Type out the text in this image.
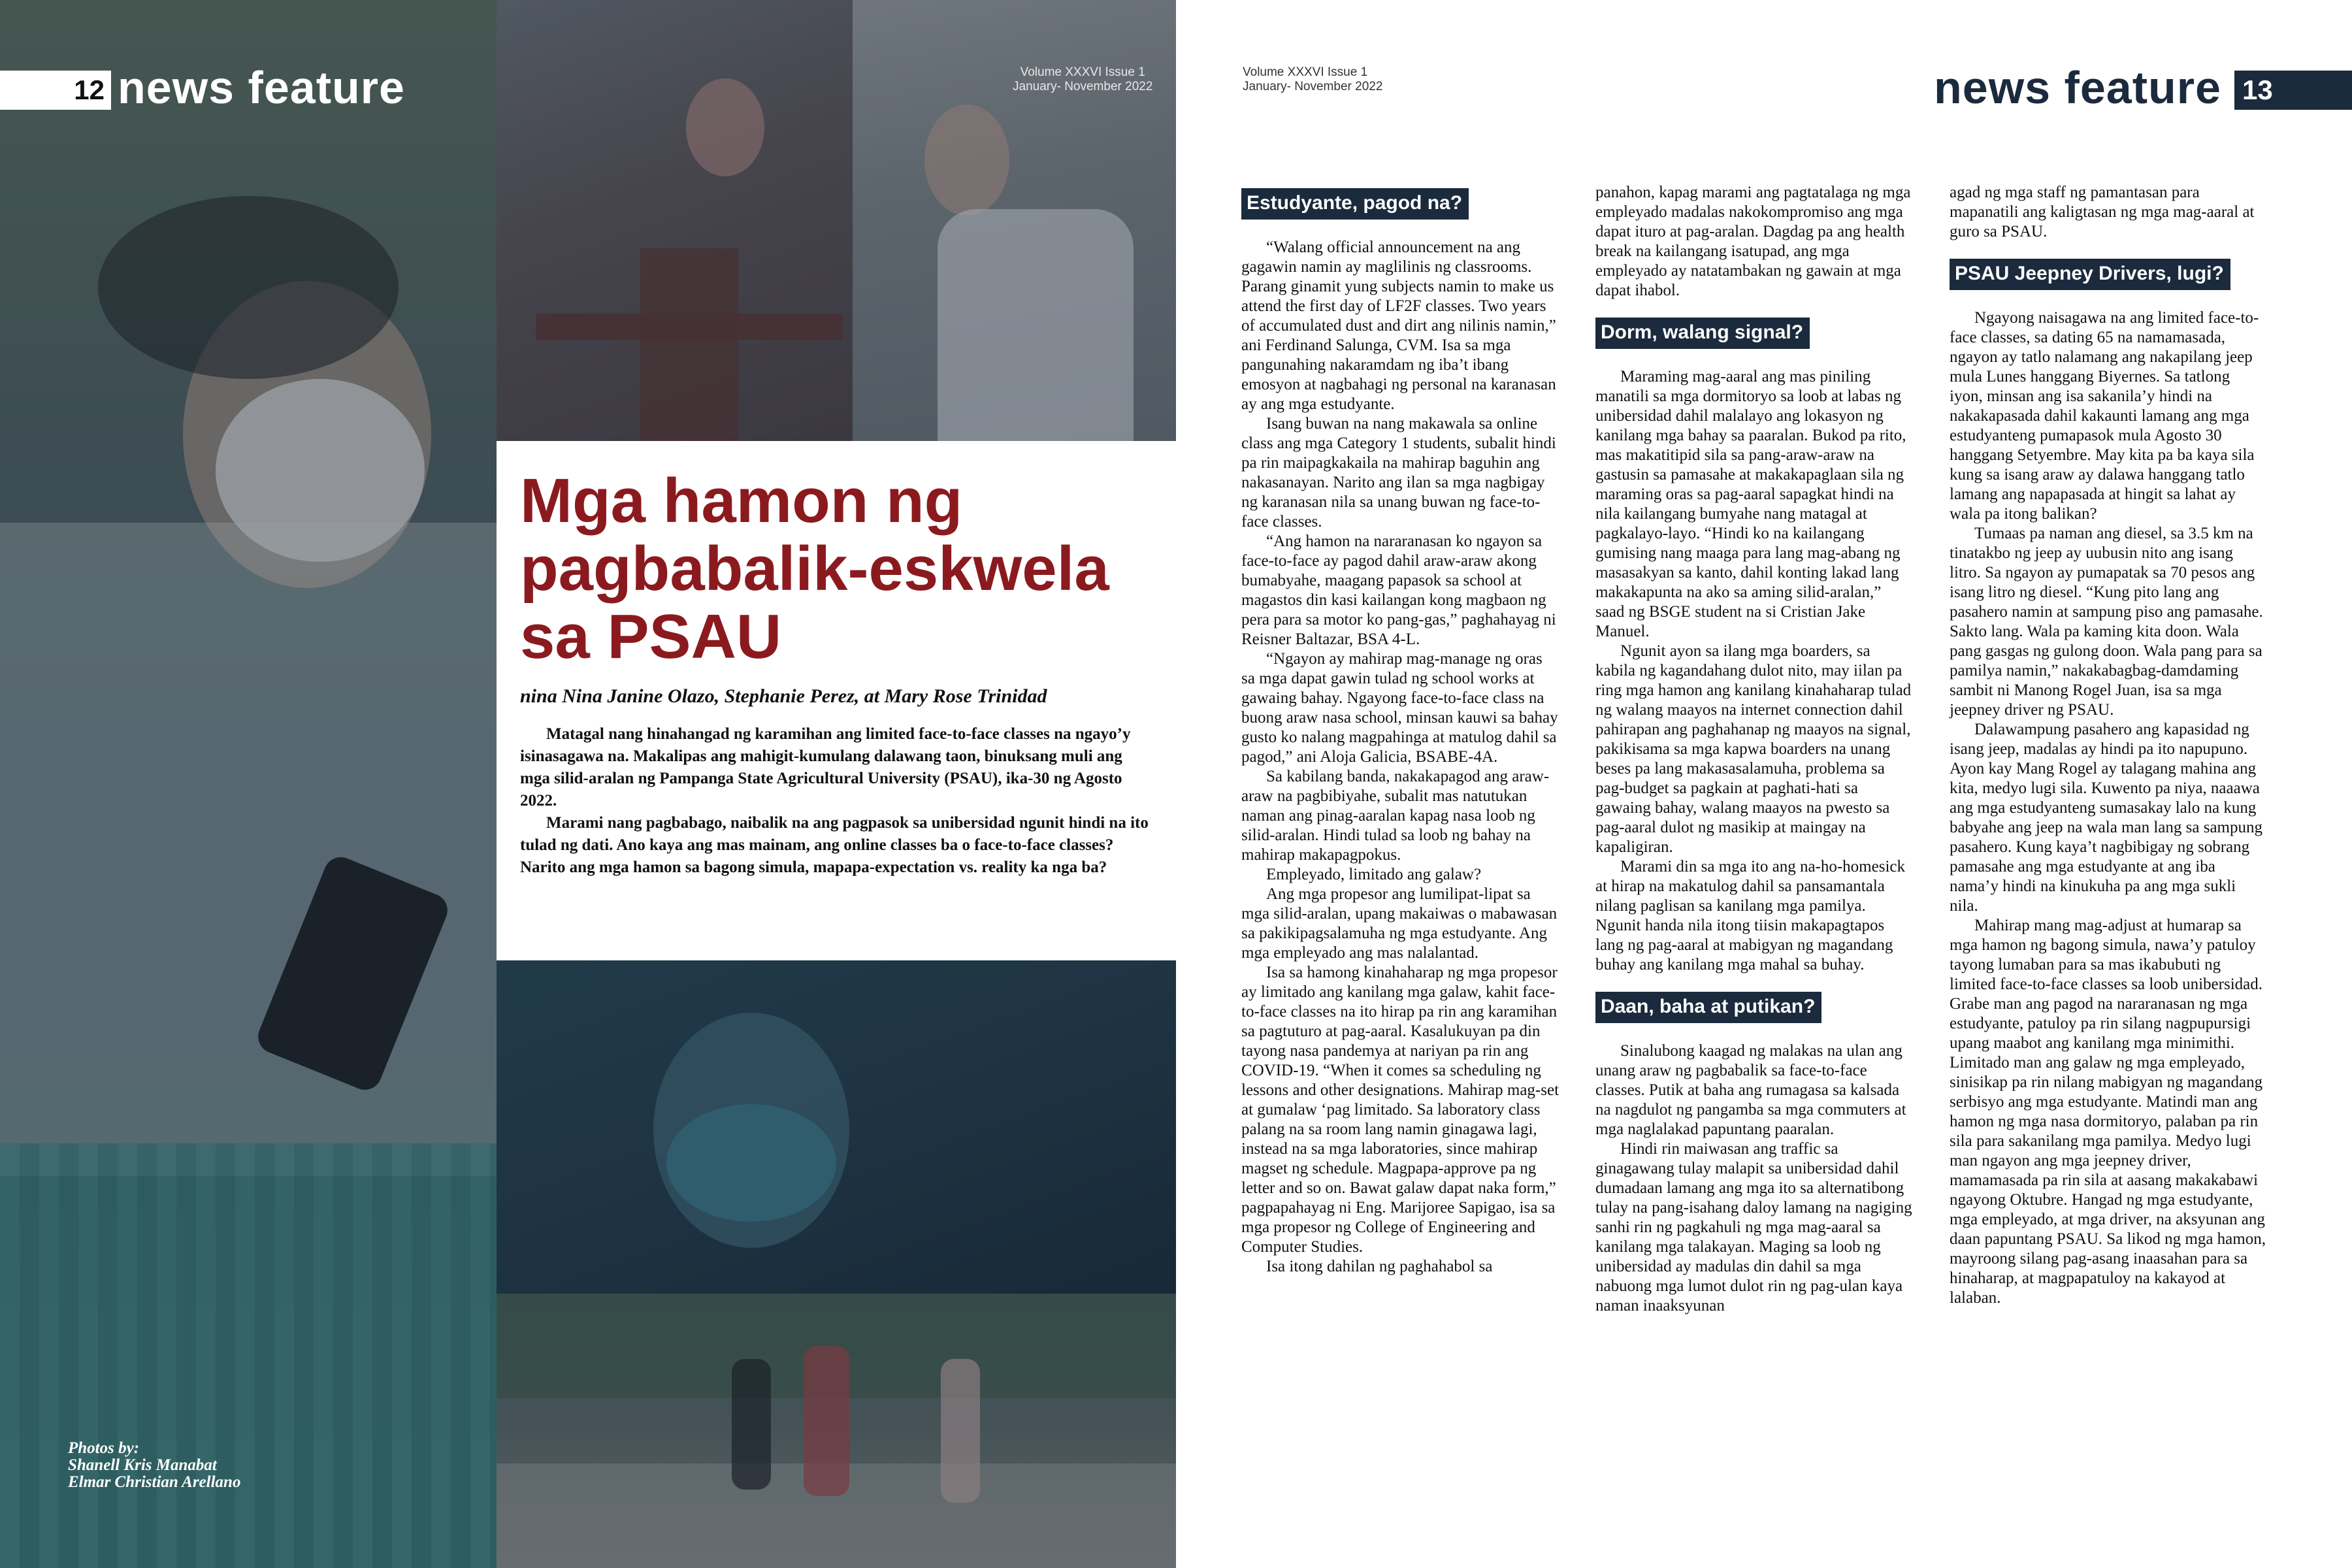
12 news feature	Volume XXXVI Issue 1
January- November 2022
Mga hamon ng pagbabalik-eskwela sa PSAU
nina Nina Janine Olazo, Stephanie Perez, at Mary Rose Trinidad

Matagal nang hinahangad ng karamihan ang limited face-to-face classes na ngayo’y isinasagawa na. Makalipas ang mahigit-kumulang dalawang taon, binuksang muli ang mga silid-aralan ng Pampanga State Agricultural University (PSAU), ika-30 ng Agosto 2022.

Marami nang pagbabago, naibalik na ang pagpasok sa unibersidad ngunit hindi na ito tulad ng dati. Ano kaya ang mas mainam, ang online classes ba o face-to-face classes? Narito ang mga hamon sa bagong simula, mapapa-expectation vs. reality ka nga ba?

Photos by:
Shanell Kris Manabat
Elmar Christian Arellano
Volume XXXVI Issue 1
January- November 2022	news feature 13
Estudyante, pagod na?

“Walang official announcement na ang gagawin namin ay maglilinis ng classrooms. Parang ginamit yung subjects namin to make us attend the first day of LF2F classes. Two years of accumulated dust and dirt ang nilinis namin,” ani Ferdinand Salunga, CVM. Isa sa mga pangunahing nakaramdam ng iba’t ibang emosyon at nagbahagi ng personal na karanasan ay ang mga estudyante.

Isang buwan na nang makawala sa online class ang mga Category 1 students, subalit hindi pa rin maipagkakaila na mahirap baguhin ang nakasanayan. Narito ang ilan sa mga nagbigay ng karanasan nila sa unang buwan ng face-to-face classes.

“Ang hamon na nararanasan ko ngayon sa face-to-face ay pagod dahil araw-araw akong bumabyahe, maagang papasok sa school at magastos din kasi kailangan kong magbaon ng pera para sa motor ko pang-gas,” paghahayag ni Reisner Baltazar, BSA 4-L.

“Ngayon ay mahirap mag-manage ng oras sa mga dapat gawin tulad ng school works at gawaing bahay. Ngayong face-to-face class na buong araw nasa school, minsan kauwi sa bahay gusto ko nalang magpahinga at matulog dahil sa pagod,” ani Aloja Galicia, BSABE-4A.

Sa kabilang banda, nakakapagod ang araw-araw na pagbibiyahe, subalit mas natutukan naman ang pinag-aaralan kapag nasa loob ng silid-aralan. Hindi tulad sa loob ng bahay na mahirap makapagpokus.

Empleyado, limitado ang galaw?

Ang mga propesor ang lumilipat-lipat sa mga silid-aralan, upang makaiwas o mabawasan sa pakikipagsalamuha ng mga estudyante. Ang mga empleyado ang mas nalalantad.

Isa sa hamong kinahaharap ng mga propesor ay limitado ang kanilang mga galaw, kahit face-to-face classes na ito hirap pa rin ang karamihan sa pagtuturo at pag-aaral. Kasalukuyan pa din tayong nasa pandemya at nariyan pa rin ang COVID-19. “When it comes sa scheduling ng lessons and other designations. Mahirap mag-set at gumalaw ‘pag limitado. Sa laboratory class palang na sa room lang namin ginagawa lagi, instead na sa mga laboratories, since mahirap magset ng schedule. Magpapa-approve pa ng letter and so on. Bawat galaw dapat naka form,” pagpapahayag ni Eng. Marijoree Sapigao, isa sa mga propesor ng College of Engineering and Computer Studies.

Isa itong dahilan ng paghahabol sa

panahon, kapag marami ang pagtatalaga ng mga empleyado madalas nakokompromiso ang mga dapat ituro at pag-aralan. Dagdag pa ang health break na kailangang isatupad, ang mga empleyado ay natatambakan ng gawain at mga dapat ihabol.

Dorm, walang signal?

Maraming mag-aaral ang mas piniling manatili sa mga dormitoryo sa loob at labas ng unibersidad dahil malalayo ang lokasyon ng kanilang mga bahay sa paaralan. Bukod pa rito, mas makatitipid sila sa pang-araw-araw na gastusin sa pamasahe at makakapaglaan sila ng maraming oras sa pag-aaral sapagkat hindi na nila kailangang bumyahe nang matagal at pagkalayo-layo. “Hindi ko na kailangang gumising nang maaga para lang mag-abang ng masasakyan sa kanto, dahil konting lakad lang makakapunta na ako sa aming silid-aralan,” saad ng BSGE student na si Cristian Jake Manuel.

Ngunit ayon sa ilang mga boarders, sa kabila ng kagandahang dulot nito, may iilan pa ring mga hamon ang kanilang kinahaharap tulad ng walang maayos na internet connection dahil pahirapan ang paghahanap ng maayos na signal, pakikisama sa mga kapwa boarders na unang beses pa lang makasasalamuha, problema sa pag-budget sa pagkain at paghati-hati sa gawaing bahay, walang maayos na pwesto sa pag-aaral dulot ng masikip at maingay na kapaligiran.

Marami din sa mga ito ang na-ho-homesick at hirap na makatulog dahil sa pansamantala nilang paglisan sa kanilang mga pamilya. Ngunit handa nila itong tiisin makapagtapos lang ng pag-aaral at mabigyan ng magandang buhay ang kanilang mga mahal sa buhay.

Daan, baha at putikan?

Sinalubong kaagad ng malakas na ulan ang unang araw ng pagbabalik sa face-to-face classes. Putik at baha ang rumagasa sa kalsada na nagdulot ng pangamba sa mga commuters at mga naglalakad papuntang paaralan.

Hindi rin maiwasan ang traffic sa ginagawang tulay malapit sa unibersidad dahil dumadaan lamang ang mga ito sa alternatibong tulay na pang-isahang daloy lamang na nagiging sanhi rin ng pagkahuli ng mga mag-aaral sa kanilang mga talakayan. Maging sa loob ng unibersidad ay madulas din dahil sa mga nabuong mga lumot dulot rin ng pag-ulan kaya naman inaaksyunan

agad ng mga staff ng pamantasan para mapanatili ang kaligtasan ng mga mag-aaral at guro sa PSAU.

PSAU Jeepney Drivers, lugi?

Ngayong naisagawa na ang limited face-to-face classes, sa dating 65 na namamasada, ngayon ay tatlo nalamang ang nakapilang jeep mula Lunes hanggang Biyernes. Sa tatlong iyon, minsan ang isa sakanila’y hindi na nakakapasada dahil kakaunti lamang ang mga estudyanteng pumapasok mula Agosto 30 hanggang Setyembre. May kita pa ba kaya sila kung sa isang araw ay dalawa hanggang tatlo lamang ang napapasada at hingit sa lahat ay wala pa itong balikan?

Tumaas pa naman ang diesel, sa 3.5 km na tinatakbo ng jeep ay uubusin nito ang isang litro. Sa ngayon ay pumapatak sa 70 pesos ang isang litro ng diesel. “Kung pito lang ang pasahero namin at sampung piso ang pamasahe. Sakto lang. Wala pa kaming kita doon. Wala pang gasgas ng gulong doon. Wala pang para sa pamilya namin,” nakakabagbag-damdaming sambit ni Manong Rogel Juan, isa sa mga jeepney driver ng PSAU.

Dalawampung pasahero ang kapasidad ng isang jeep, madalas ay hindi pa ito napupuno. Ayon kay Mang Rogel ay talagang mahina ang kita, medyo lugi sila. Kuwento pa niya, naaawa ang mga estudyanteng sumasakay lalo na kung babyahe ang jeep na wala man lang sa sampung pasahero. Kung kaya’t nagbibigay ng sobrang pamasahe ang mga estudyante at ang iba nama’y hindi na kinukuha pa ang mga sukli nila.

Mahirap mang mag-adjust at humarap sa mga hamon ng bagong simula, nawa’y patuloy tayong lumaban para sa mas ikabubuti ng limited face-to-face classes sa loob unibersidad. Grabe man ang pagod na nararanasan ng mga estudyante, patuloy pa rin silang nagpupursigi upang maabot ang kanilang mga minimithi. Limitado man ang galaw ng mga empleyado, sinisikap pa rin nilang mabigyan ng magandang serbisyo ang mga estudyante. Matindi man ang hamon ng mga nasa dormitoryo, palaban pa rin sila para sakanilang mga pamilya. Medyo lugi man ngayon ang mga jeepney driver, mamamasada pa rin sila at aasang makakabawi ngayong Oktubre. Hangad ng mga estudyante, mga empleyado, at mga driver, na aksyunan ang daan papuntang PSAU. Sa likod ng mga hamon, mayroong silang pag-asang inaasahan para sa hinaharap, at magpapatuloy na kakayod at lalaban.
